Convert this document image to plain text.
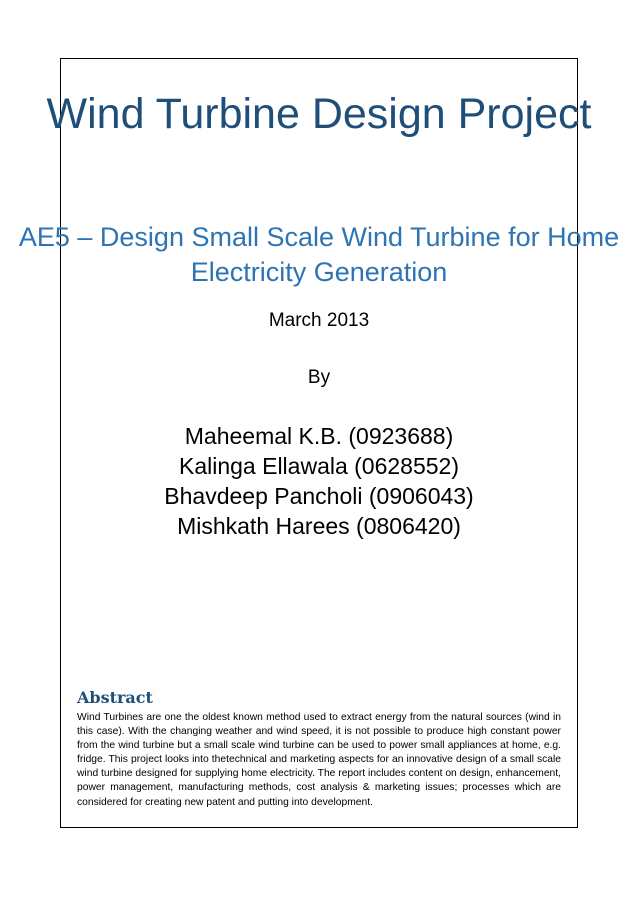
Wind Turbine Design Project
AE5 – Design Small Scale Wind Turbine for Home Electricity Generation
March 2013
By
Maheemal K.B. (0923688)
Kalinga Ellawala (0628552)
Bhavdeep Pancholi (0906043)
Mishkath Harees (0806420)
Abstract

Wind Turbines are one the oldest known method used to extract energy from the natural sources (wind in this case). With the changing weather and wind speed, it is not possible to produce high constant power from the wind turbine but a small scale wind turbine can be used to power small appliances at home, e.g. fridge. This project looks into thetechnical and marketing aspects for an innovative design of a small scale wind turbine designed for supplying home electricity. The report includes content on design, enhancement, power management, manufacturing methods, cost analysis & marketing issues; processes which are considered for creating new patent and putting into development.
